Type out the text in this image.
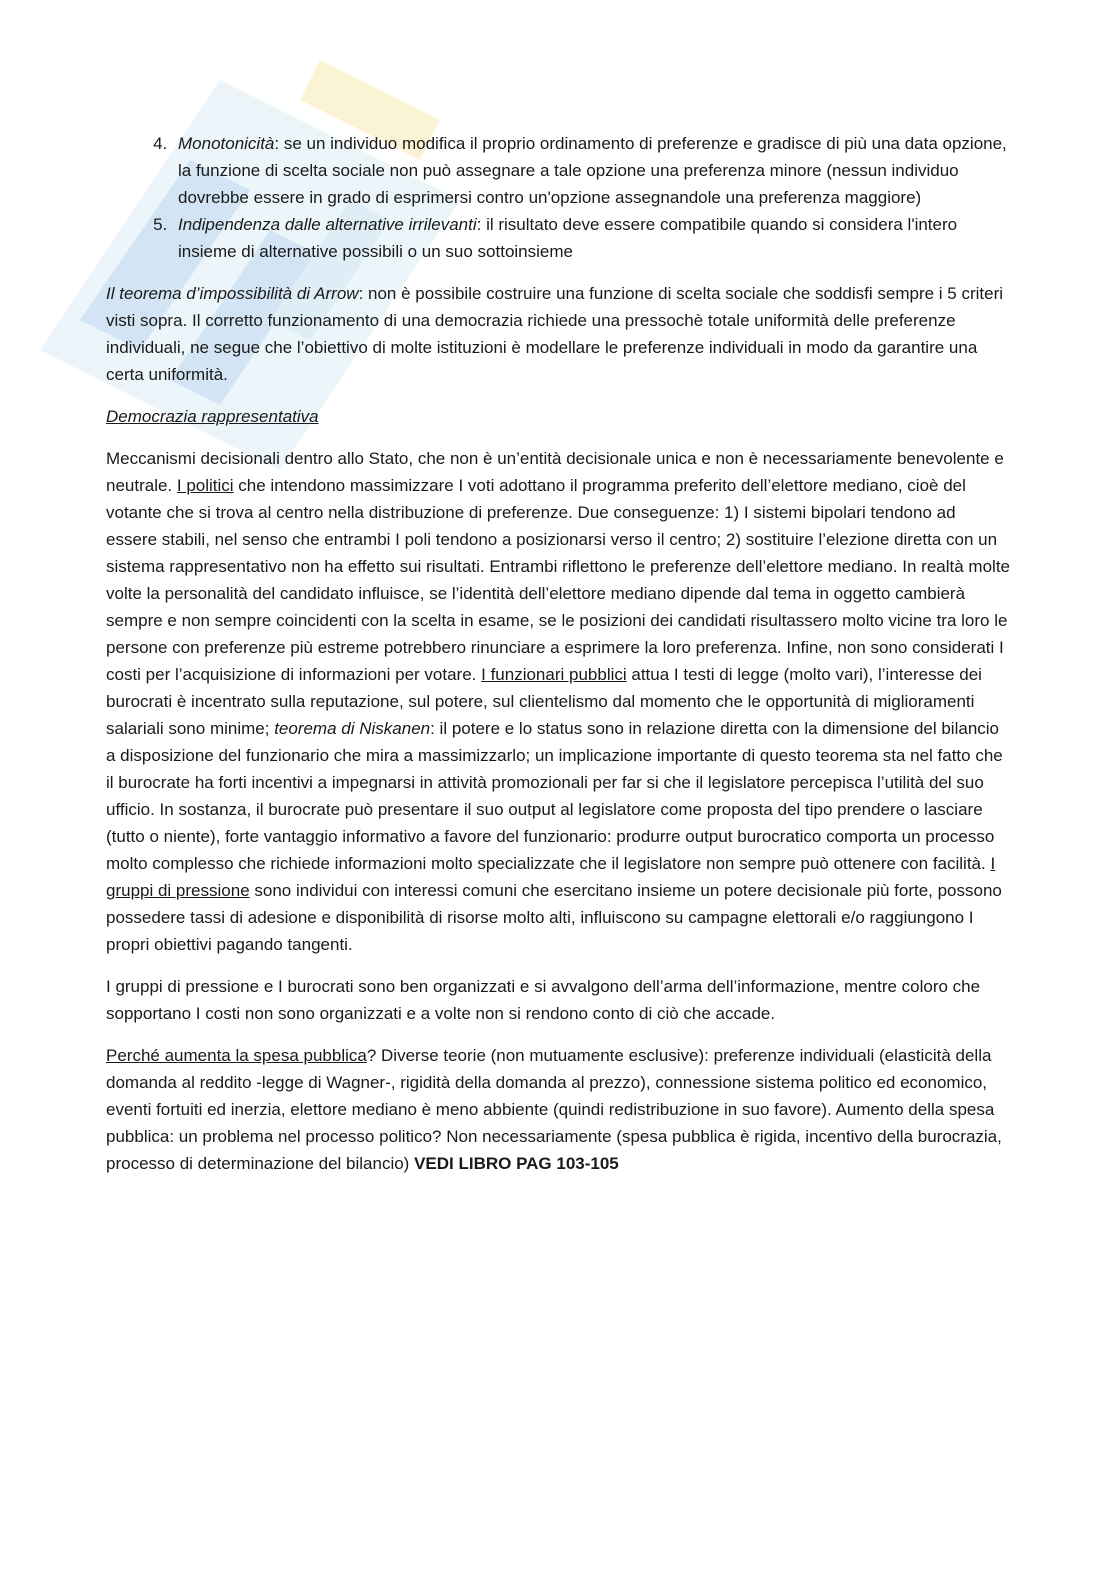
4. Monotonicità: se un individuo modifica il proprio ordinamento di preferenze e gradisce di più una data opzione, la funzione di scelta sociale non può assegnare a tale opzione una preferenza minore (nessun individuo dovrebbe essere in grado di esprimersi contro un'opzione assegnandole una preferenza maggiore)
5. Indipendenza dalle alternative irrilevanti: il risultato deve essere compatibile quando si considera l'intero insieme di alternative possibili o un suo sottoinsieme

Il teorema d’impossibilità di Arrow: non è possibile costruire una funzione di scelta sociale che soddisfi sempre i 5 criteri visti sopra. Il corretto funzionamento di una democrazia richiede una pressochè totale uniformità delle preferenze individuali, ne segue che l’obiettivo di molte istituzioni è modellare le preferenze individuali in modo da garantire una certa uniformità.

Democrazia rappresentativa

Meccanismi decisionali dentro allo Stato, che non è un’entità decisionale unica e non è necessariamente benevolente e neutrale. I politici che intendono massimizzare I voti adottano il programma preferito dell’elettore mediano, cioè del votante che si trova al centro nella distribuzione di preferenze. Due conseguenze: 1) I sistemi bipolari tendono ad essere stabili, nel senso che entrambi I poli tendono a posizionarsi verso il centro; 2) sostituire l’elezione diretta con un sistema rappresentativo non ha effetto sui risultati. Entrambi riflettono le preferenze dell’elettore mediano. In realtà molte volte la personalità del candidato influisce, se l’identità dell’elettore mediano dipende dal tema in oggetto cambierà sempre e non sempre coincidenti con la scelta in esame, se le posizioni dei candidati risultassero molto vicine tra loro le persone con preferenze più estreme potrebbero rinunciare a esprimere la loro preferenza. Infine, non sono considerati I costi per l’acquisizione di informazioni per votare. I funzionari pubblici attua I testi di legge (molto vari), l’interesse dei burocrati è incentrato sulla reputazione, sul potere, sul clientelismo dal momento che le opportunità di miglioramenti salariali sono minime; teorema di Niskanen: il potere e lo status sono in relazione diretta con la dimensione del bilancio a disposizione del funzionario che mira a massimizzarlo; un implicazione importante di questo teorema sta nel fatto che il burocrate ha forti incentivi a impegnarsi in attività promozionali per far si che il legislatore percepisca l’utilità del suo ufficio. In sostanza, il burocrate può presentare il suo output al legislatore come proposta del tipo prendere o lasciare (tutto o niente), forte vantaggio informativo a favore del funzionario: produrre output burocratico comporta un processo molto complesso che richiede informazioni molto specializzate che il legislatore non sempre può ottenere con facilità. I gruppi di pressione sono individui con interessi comuni che esercitano insieme un potere decisionale più forte, possono possedere tassi di adesione e disponibilità di risorse molto alti, influiscono su campagne elettorali e/o raggiungono I propri obiettivi pagando tangenti.

I gruppi di pressione e I burocrati sono ben organizzati e si avvalgono dell’arma dell’informazione, mentre coloro che sopportano I costi non sono organizzati e a volte non si rendono conto di ciò che accade.

Perché aumenta la spesa pubblica? Diverse teorie (non mutuamente esclusive): preferenze individuali (elasticità della domanda al reddito -legge di Wagner-, rigidità della domanda al prezzo), connessione sistema politico ed economico, eventi fortuiti ed inerzia, elettore mediano è meno abbiente (quindi redistribuzione in suo favore). Aumento della spesa pubblica: un problema nel processo politico? Non necessariamente (spesa pubblica è rigida, incentivo della burocrazia, processo di determinazione del bilancio) VEDI LIBRO PAG 103-105
